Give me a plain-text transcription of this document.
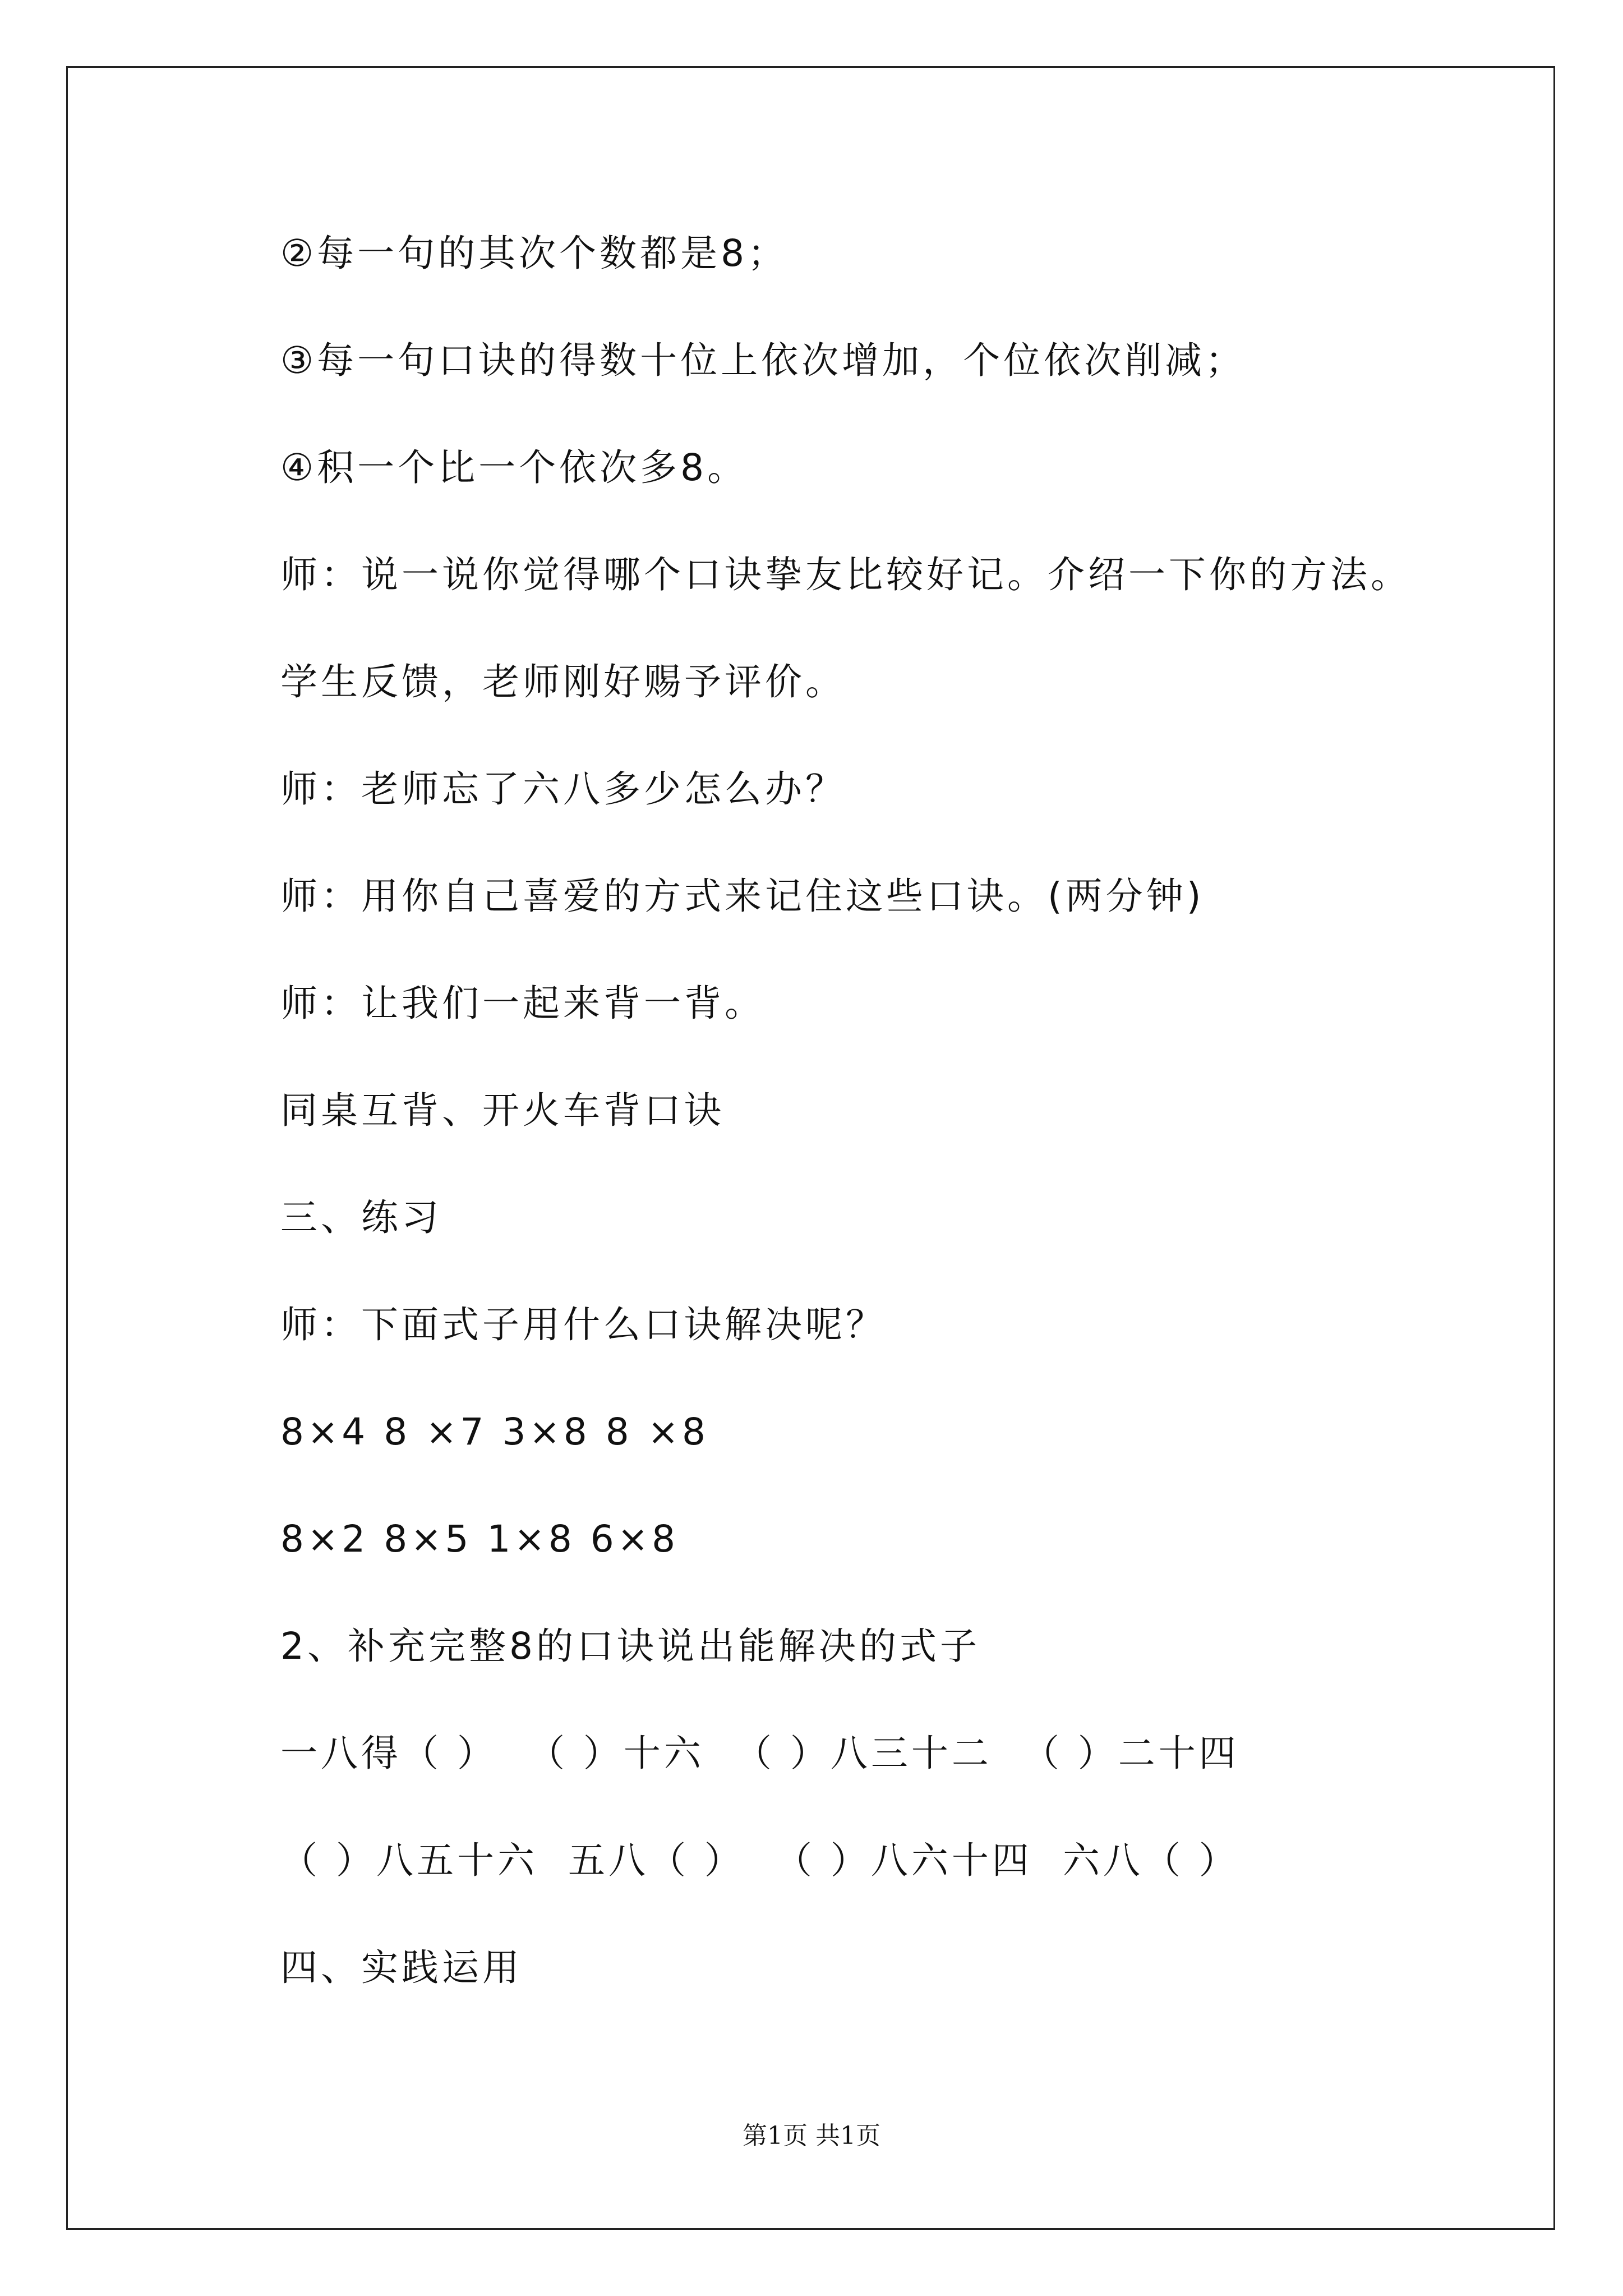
②每一句的其次个数都是8；
③每一句口诀的得数十位上依次增加，个位依次削减；
④积一个比一个依次多8。
师：说一说你觉得哪个口诀挚友比较好记。介绍一下你的方法。
学生反馈，老师刚好赐予评价。
师：老师忘了六八多少怎么办？
师：用你自己喜爱的方式来记住这些口诀。(两分钟)
师：让我们一起来背一背。
同桌互背、开火车背口诀
三、练习
师：下面式子用什么口诀解决呢？
8×4 8 ×7 3×8 8 ×8
8×2 8×5 1×8 6×8
2、补充完整8的口诀说出能解决的式子
一八得（ ）  （ ）十六  （ ）八三十二  （ ）二十四
（ ）八五十六  五八（ ）  （ ）八六十四  六八（ ）
四、实践运用
第1页 共1页
